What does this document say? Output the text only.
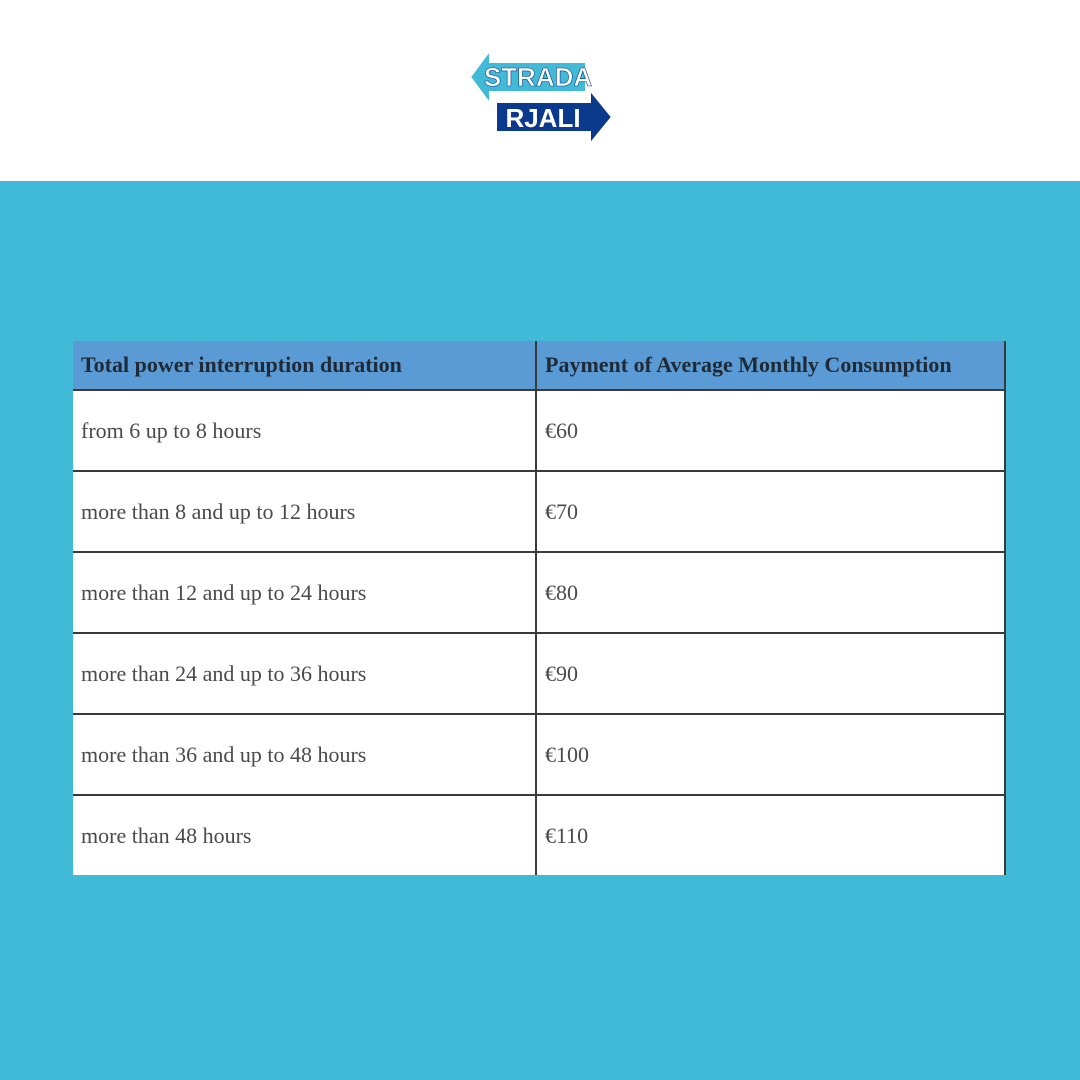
STRADA
RJALI
Total power interruption duration	Payment of Average Monthly Consumption
from 6 up to 8 hours	€60
more than 8 and up to 12 hours	€70
more than 12 and up to 24 hours	€80
more than 24 and up to 36 hours	€90
more than 36 and up to 48 hours	€100
more than 48 hours	€110
